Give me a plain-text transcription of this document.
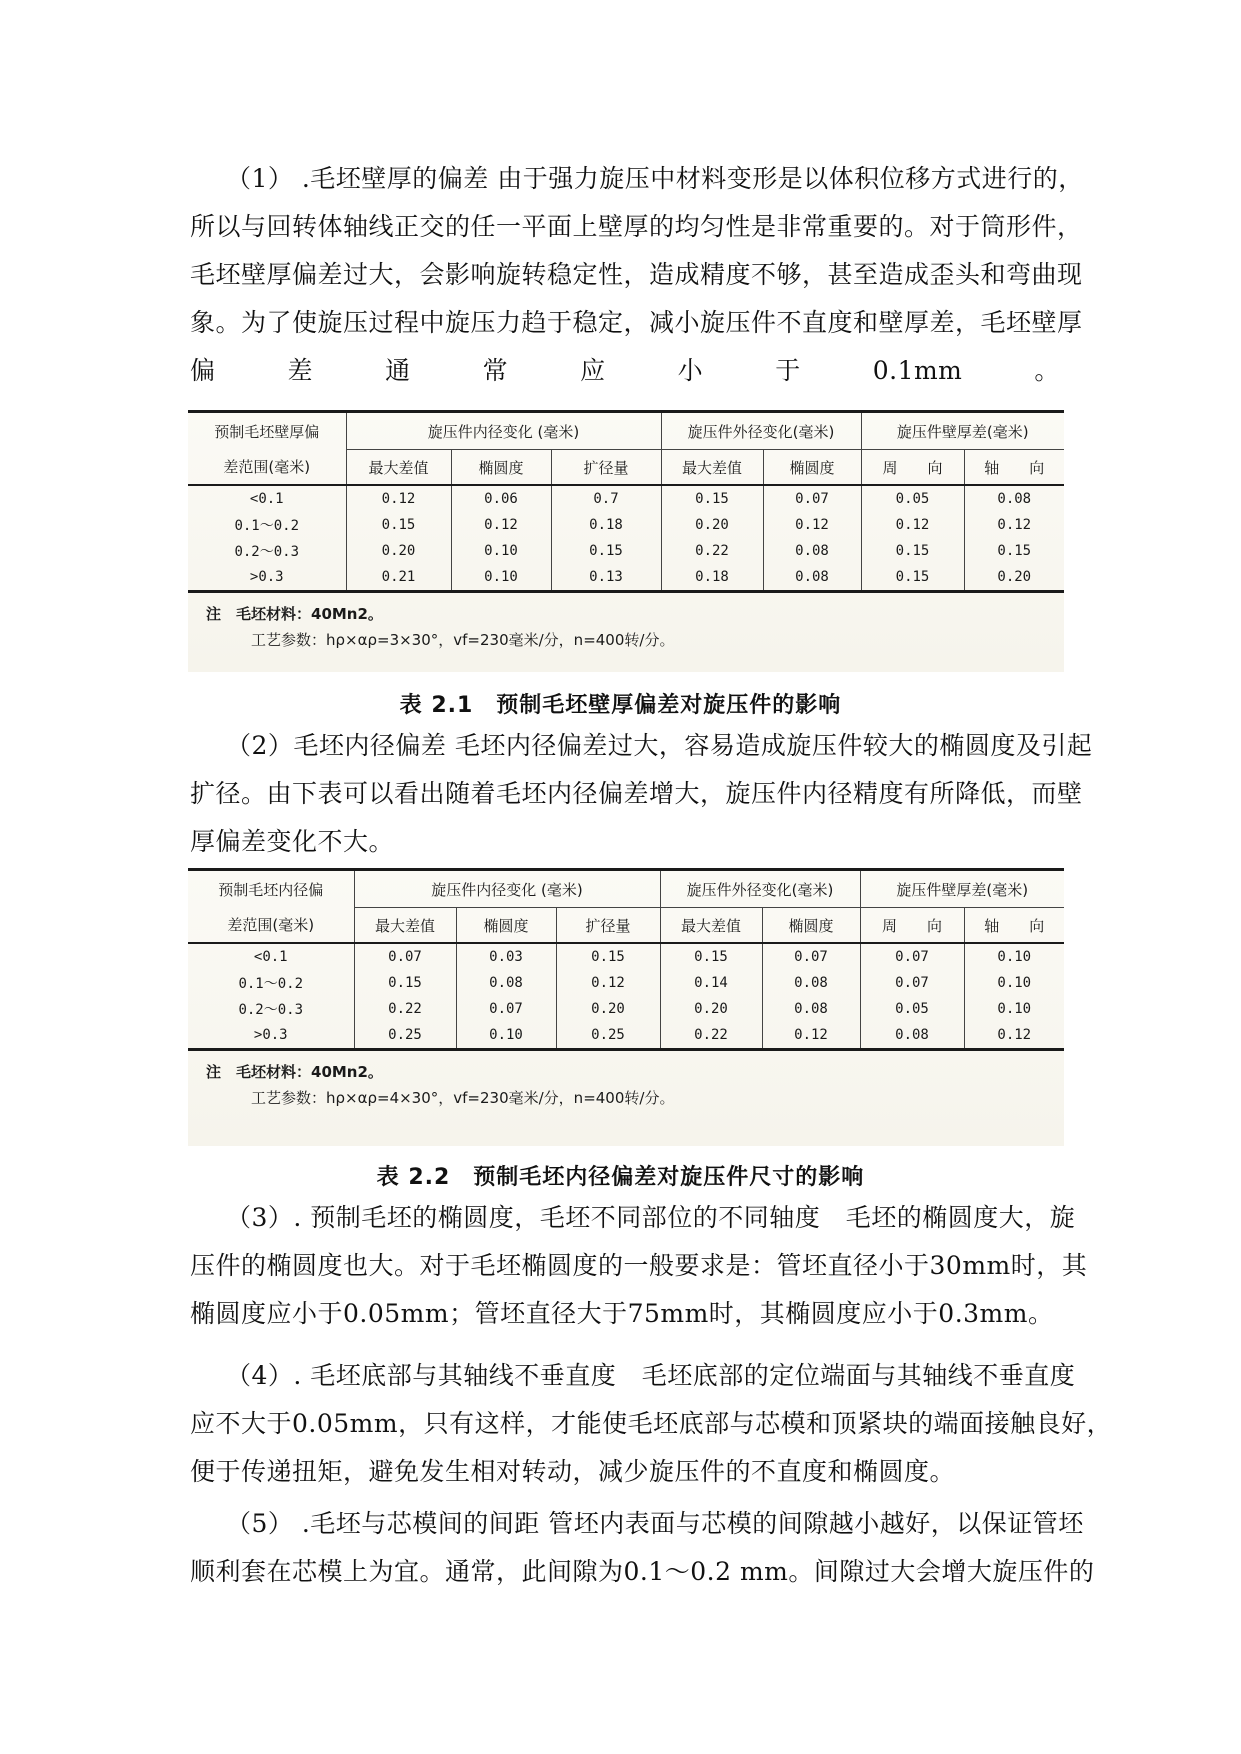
（1） .毛坯壁厚的偏差 由于强力旋压中材料变形是以体积位移方式进行的，
所以与回转体轴线正交的任一平面上壁厚的均匀性是非常重要的。对于筒形件，
毛坯壁厚偏差过大，会影响旋转稳定性，造成精度不够，甚至造成歪头和弯曲现
象。为了使旋压过程中旋压力趋于稳定，减小旋压件不直度和壁厚差，毛坯壁厚
偏	差	通	常	应	小	于	0.1mm	。
预制毛坯壁厚偏	旋压件内径变化 (毫米)			旋压件外径变化(毫米)		旋压件壁厚差(毫米)	
差范围(毫米)	最大差值	椭圆度	扩径量	最大差值	椭圆度	周　　向	轴　　向
<0.1	0.12	0.06	0.7	0.15	0.07	0.05	0.08
0.1～0.2	0.15	0.12	0.18	0.20	0.12	0.12	0.12
0.2～0.3	0.20	0.10	0.15	0.22	0.08	0.15	0.15
>0.3	0.21	0.10	0.13	0.18	0.08	0.15	0.20
注　毛坯材料：40Mn2。
工艺参数：hρ×αρ=3×30°，vf=230毫米/分，n=400转/分。
表 2.1　预制毛坯壁厚偏差对旋压件的影响
（2）毛坯内径偏差 毛坯内径偏差过大，容易造成旋压件较大的椭圆度及引起
扩径。由下表可以看出随着毛坯内径偏差增大，旋压件内径精度有所降低，而壁
厚偏差变化不大。
预制毛坯内径偏	旋压件内径变化 (毫米)			旋压件外径变化(毫米)		旋压件壁厚差(毫米)	
差范围(毫米)	最大差值	椭圆度	扩径量	最大差值	椭圆度	周　　向	轴　　向
<0.1	0.07	0.03	0.15	0.15	0.07	0.07	0.10
0.1～0.2	0.15	0.08	0.12	0.14	0.08	0.07	0.10
0.2～0.3	0.22	0.07	0.20	0.20	0.08	0.05	0.10
>0.3	0.25	0.10	0.25	0.22	0.12	0.08	0.12
注　毛坯材料：40Mn2。
工艺参数：hρ×αρ=4×30°，vf=230毫米/分，n=400转/分。
表 2.2　预制毛坯内径偏差对旋压件尺寸的影响
（3）. 预制毛坯的椭圆度，毛坯不同部位的不同轴度　毛坯的椭圆度大，旋
压件的椭圆度也大。对于毛坯椭圆度的一般要求是：管坯直径小于30mm时，其
椭圆度应小于0.05mm；管坯直径大于75mm时，其椭圆度应小于0.3mm。
（4）. 毛坯底部与其轴线不垂直度　毛坯底部的定位端面与其轴线不垂直度
应不大于0.05mm，只有这样，才能使毛坯底部与芯模和顶紧块的端面接触良好，
便于传递扭矩，避免发生相对转动，减少旋压件的不直度和椭圆度。
（5） .毛坯与芯模间的间距 管坯内表面与芯模的间隙越小越好，以保证管坯
顺利套在芯模上为宜。通常，此间隙为0.1～0.2 mm。间隙过大会增大旋压件的
